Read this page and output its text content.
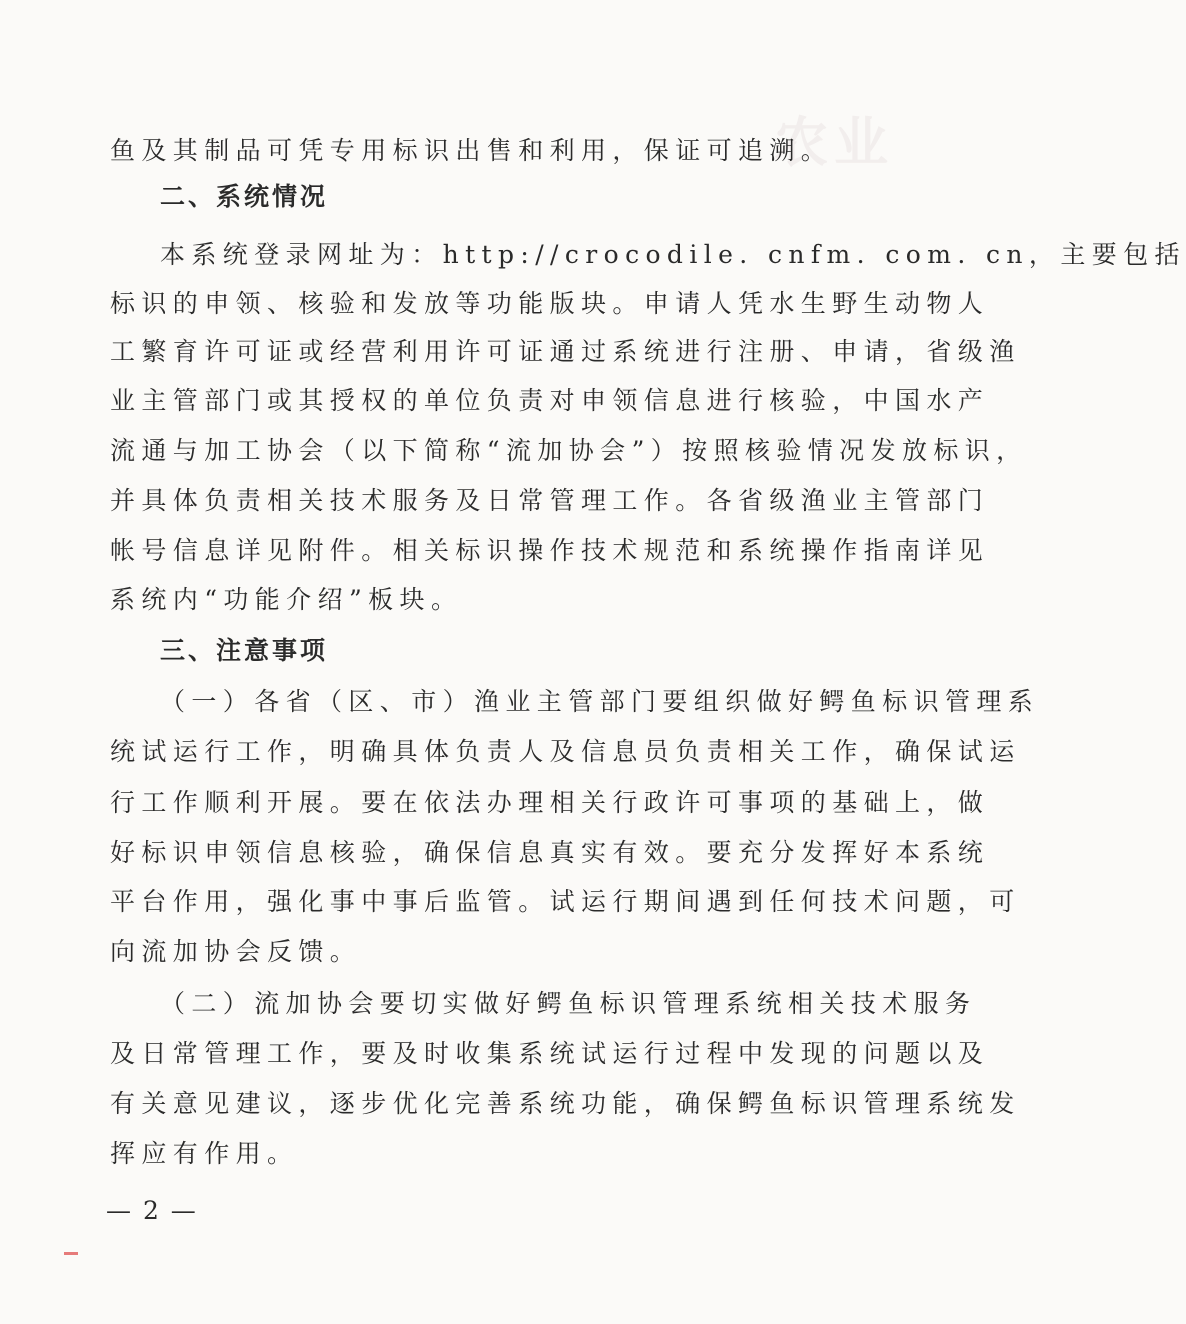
农业
鱼及其制品可凭专用标识出售和利用，保证可追溯。
二、系统情况
本系统登录网址为：http://crocodile. cnfm. com. cn，主要包括
标识的申领、核验和发放等功能版块。申请人凭水生野生动物人
工繁育许可证或经营利用许可证通过系统进行注册、申请，省级渔
业主管部门或其授权的单位负责对申领信息进行核验，中国水产
流通与加工协会（以下简称“流加协会”）按照核验情况发放标识，
并具体负责相关技术服务及日常管理工作。各省级渔业主管部门
帐号信息详见附件。相关标识操作技术规范和系统操作指南详见
系统内“功能介绍”板块。
三、注意事项
（一）各省（区、市）渔业主管部门要组织做好鳄鱼标识管理系
统试运行工作，明确具体负责人及信息员负责相关工作，确保试运
行工作顺利开展。要在依法办理相关行政许可事项的基础上，做
好标识申领信息核验，确保信息真实有效。要充分发挥好本系统
平台作用，强化事中事后监管。试运行期间遇到任何技术问题，可
向流加协会反馈。
（二）流加协会要切实做好鳄鱼标识管理系统相关技术服务
及日常管理工作，要及时收集系统试运行过程中发现的问题以及
有关意见建议，逐步优化完善系统功能，确保鳄鱼标识管理系统发
挥应有作用。
— 2 —
